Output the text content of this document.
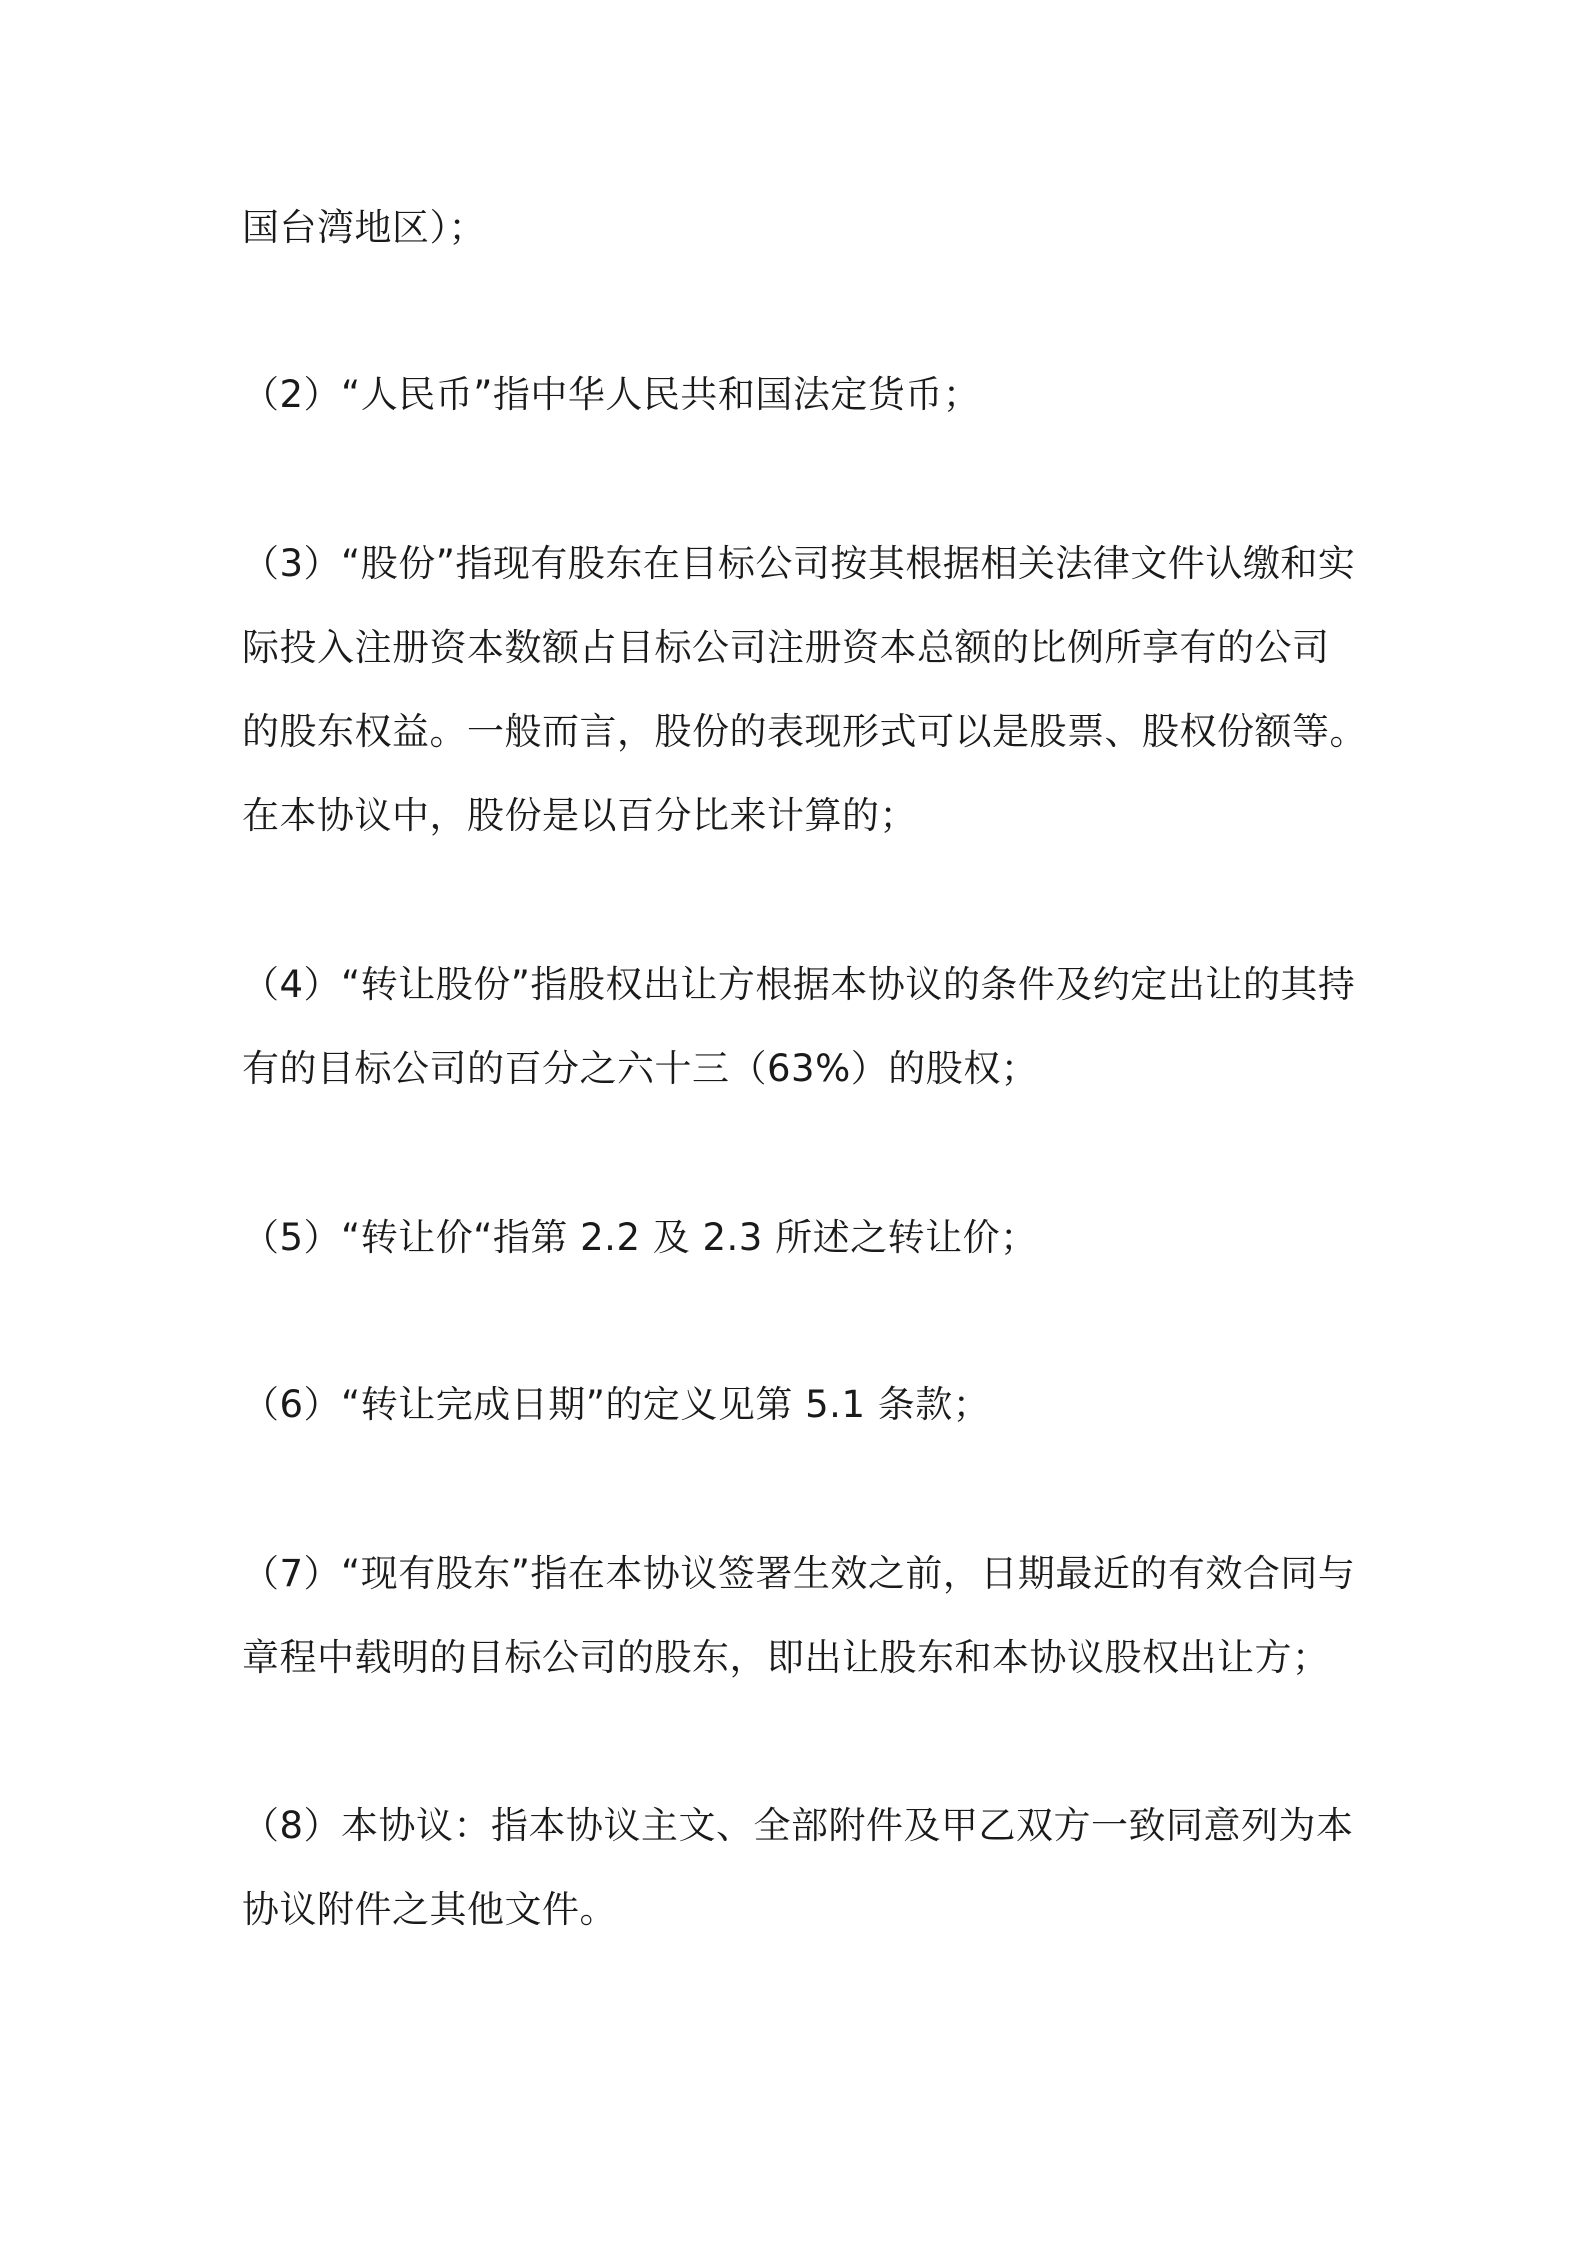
国台湾地区）；

（2）“人民币”指中华人民共和国法定货币；

（3）“股份”指现有股东在目标公司按其根据相关法律文件认缴和实
际投入注册资本数额占目标公司注册资本总额的比例所享有的公司
的股东权益。一般而言，股份的表现形式可以是股票、股权份额等。
在本协议中，股份是以百分比来计算的；

（4）“转让股份”指股权出让方根据本协议的条件及约定出让的其持
有的目标公司的百分之六十三（63%）的股权；

（5）“转让价“指第 2.2 及 2.3 所述之转让价；

（6）“转让完成日期”的定义见第 5.1 条款；

（7）“现有股东”指在本协议签署生效之前，日期最近的有效合同与
章程中载明的目标公司的股东，即出让股东和本协议股权出让方；

（8）本协议：指本协议主文、全部附件及甲乙双方一致同意列为本
协议附件之其他文件。
